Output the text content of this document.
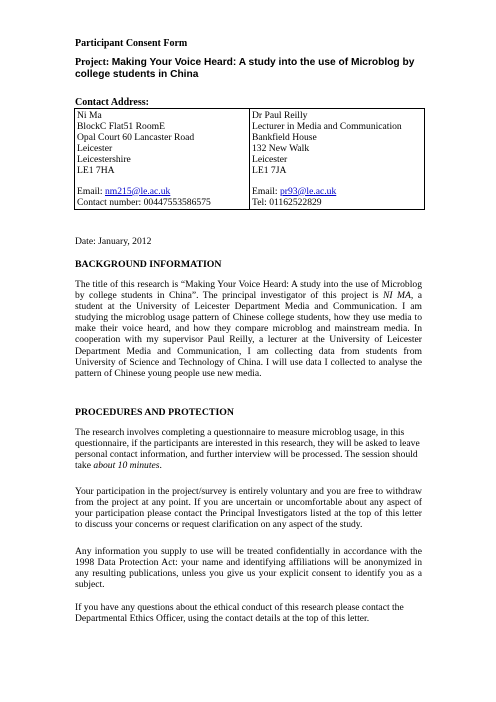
Participant Consent Form
Project: Making Your Voice Heard: A study into the use of Microblog by college students in China
Contact Address:
Ni Ma
BlockC Flat51 RoomE
Opal Court 60 Lancaster Road
Leicester
Leicestershire
LE1 7HA
Email: nm215@le.ac.uk
Contact number: 00447553586575

Dr Paul Reilly
Lecturer in Media and Communication
Bankfield House
132 New Walk
Leicester
LE1 7JA
Email: pr93@le.ac.uk
Tel: 01162522829
Date: January, 2012
BACKGROUND INFORMATION

The title of this research is “Making Your Voice Heard: A study into the use of Microblog by college students in China”. The principal investigator of this project is NI MA, a student at the University of Leicester Department Media and Communication. I am studying the microblog usage pattern of Chinese college students, how they use media to make their voice heard, and how they compare microblog and mainstream media. In cooperation with my supervisor Paul Reilly, a lecturer at the University of Leicester Department Media and Communication, I am collecting data from students from University of Science and Technology of China. I will use data I collected to analyse the pattern of Chinese young people use new media.

PROCEDURES AND PROTECTION

The research involves completing a questionnaire to measure microblog usage, in this questionnaire, if the participants are interested in this research, they will be asked to leave personal contact information, and further interview will be processed. The session should take about 10 minutes.

Your participation in the project/survey is entirely voluntary and you are free to withdraw from the project at any point. If you are uncertain or uncomfortable about any aspect of your participation please contact the Principal Investigators listed at the top of this letter to discuss your concerns or request clarification on any aspect of the study.

Any information you supply to use will be treated confidentially in accordance with the 1998 Data Protection Act: your name and identifying affiliations will be anonymized in any resulting publications, unless you give us your explicit consent to identify you as a subject.

If you have any questions about the ethical conduct of this research please contact the Departmental Ethics Officer, using the contact details at the top of this letter.
